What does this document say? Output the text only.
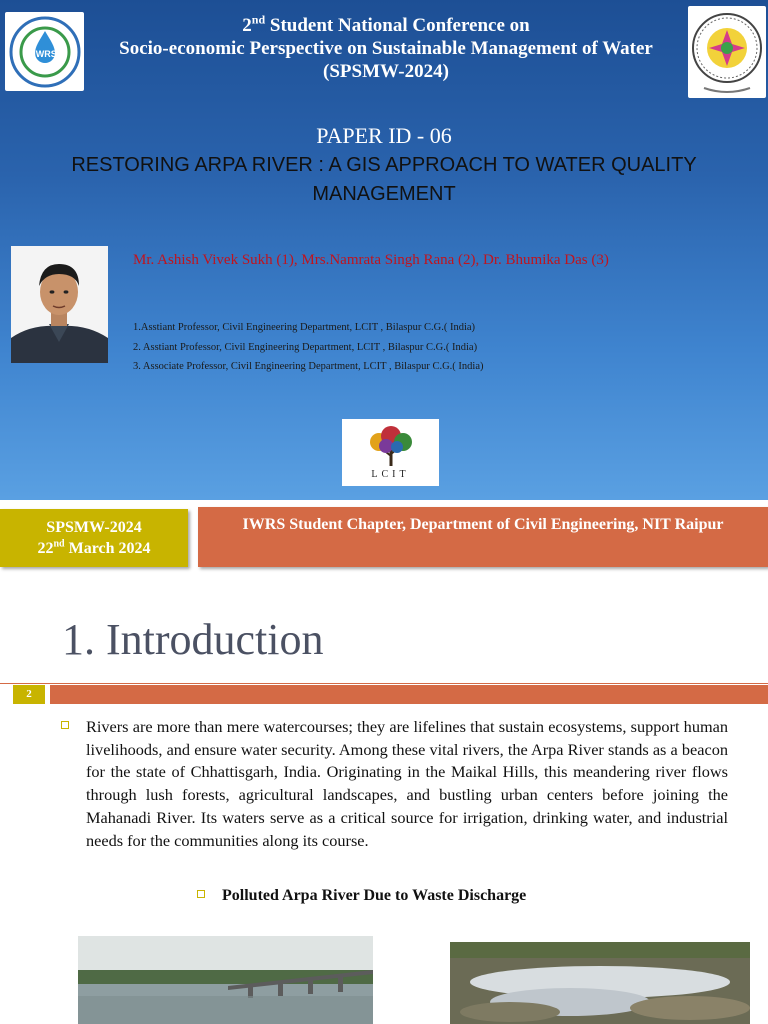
IWRS
2nd Student National Conference on
Socio-economic Perspective on Sustainable Management of Water
(SPSMW-2024)
PAPER ID - 06
RESTORING ARPA RIVER : A GIS APPROACH TO WATER QUALITY MANAGEMENT
Mr. Ashish Vivek Sukh (1), Mrs.Namrata Singh Rana (2), Dr. Bhumika Das (3)
1.Asstiant Professor, Civil Engineering Department, LCIT , Bilaspur C.G.( India)
2. Asstiant Professor, Civil Engineering Department, LCIT , Bilaspur C.G.( India)
3. Associate Professor, Civil Engineering Department, LCIT , Bilaspur C.G.( India)
LCIT
SPSMW-2024
22nd March 2024
IWRS Student Chapter, Department of Civil Engineering, NIT Raipur
1. Introduction
2
Rivers are more than mere watercourses; they are lifelines that sustain ecosystems, support human livelihoods, and ensure water security. Among these vital rivers, the Arpa River stands as a beacon for the state of Chhattisgarh, India. Originating in the Maikal Hills, this meandering river flows through lush forests, agricultural landscapes, and bustling urban centers before joining the Mahanadi River. Its waters serve as a critical source for irrigation, drinking water, and industrial needs for the communities along its course.
Polluted Arpa River Due to Waste Discharge
